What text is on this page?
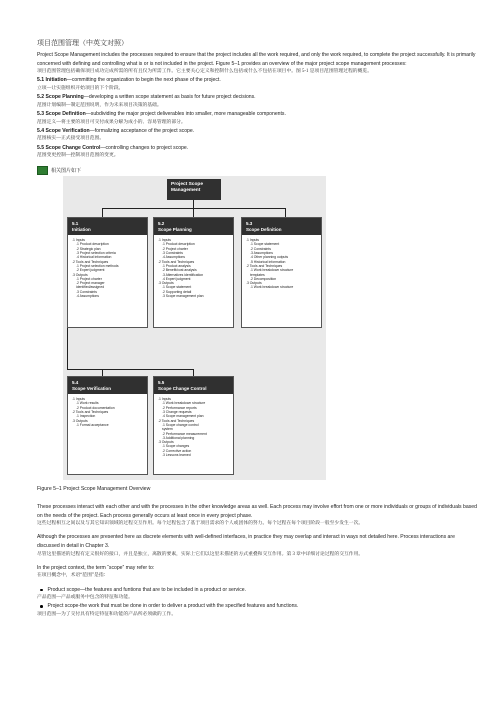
项目范围管理（中英文对照）

Project Scope Management includes the processes required to ensure that the project includes all the work required, and only the work required, to complete the project successfully. It is primarily concerned with defining and controlling what is or is not included in the project. Figure 5–1 provides an overview of the major project scope management processes:

项目范围管理包括确保项目成功完成所需的所有且仅为所需工作。它主要关心定义和控制什么包括或什么不包括在项目中。图 5-1 是项目范围管理过程的概览。

5.1 Initiation—committing the organization to begin the next phase of the project.

立项—让实施组织开始项目的下个阶段。

5.2 Scope Planning—developing a written scope statement as basis for future project decisions.

范围计划编制—制定范围说明，作为未来项目决策的基础。

5.3 Scope Definition—subdividing the major project deliverables into smaller, more manageable components.

范围定义—将主要的项目可交付成果分解为成小的、容易管理的部分。

5.4 Scope Verification—formalizing acceptance of the project scope.

范围核实—正式接受项目范围。

5.5 Scope Change Control—controlling changes to project scope.

范围变更控制—控制项目范围的变更。

相关图片如下
Project Scope Management
5.1
Initiation
.1 Inputs
.1 Product description
.2 Strategic plan
.3 Project selection criteria
.4 Historical information
.2 Tools and Techniques
.1 Project selection methods
.2 Expert judgment
.3 Outputs
.1 Project charter
.2 Project manager
identified/assigned
.3 Constraints
.4 Assumptions
5.2
Scope Planning
.1 Inputs
.1 Product description
.2 Project charter
.3 Constraints
.4 Assumptions
.2 Tools and Techniques
.1 Product analysis
.2 Benefit/cost analysis
.3 Alternatives identification
.4 Expert judgment
.3 Outputs
.1 Scope statement
.2 Supporting detail
.3 Scope management plan
5.3
Scope Definition
.1 Inputs
.1 Scope statement
.2 Constraints
.3 Assumptions
.4 Other planning outputs
.5 Historical information
.2 Tools and Techniques
.1 Work breakdown structure
templates
.2 Decomposition
.3 Outputs
.1 Work breakdown structure
5.4
Scope Verification
.1 Inputs
.1 Work results
.2 Product documentation
.2 Tools and Techniques
.1 Inspection
.3 Outputs
.1 Formal acceptance
5.5
Scope Change Control
.1 Inputs
.1 Work breakdown structure
.2 Performance reports
.3 Change requests
.4 Scope management plan
.2 Tools and Techniques
.1 Scope change control
system
.2 Performance measurement
.3 Additional planning
.3 Outputs
.1 Scope changes
.2 Corrective action
.3 Lessons learned
Figure 5–1 Project Scope Management Overview

These processes interact with each other and with the processes in the other knowledge areas as well. Each process may involve effort from one or more individuals or groups of individuals based on the needs of the project. Each process generally occurs at least once in every project phase.

这些过程相互之间以及与其它知识领域的过程交互作用。每个过程包含了基于项目需求的个人或团体的努力。每个过程在每个项目阶段一般至少发生一次。

Although the processes are presented here as discrete elements with well-defined interfaces, in practice they may overlap and interact in ways not detailed here. Process interactions are discussed in detail in Chapter 3.

尽管这里描述的过程有定义很好的接口，并且是独立，离散的要素，实际上它们以这里未描述的方式重叠和交互作用。第 3 章中详细讨论过程的交互作用。

In the project context, the term “scope” may refer to:

在项目概念中，术语“范围”是指：

Product scope—the features and funtions that are to be included in a product or service.

产品范围—产品或服务中包含的特征和功能。

Project scope-the work that must be done in order to deliver a product with the specified features and functions.

项目范围—为了交付具有特定特征和功能的产品所必须做的工作。
